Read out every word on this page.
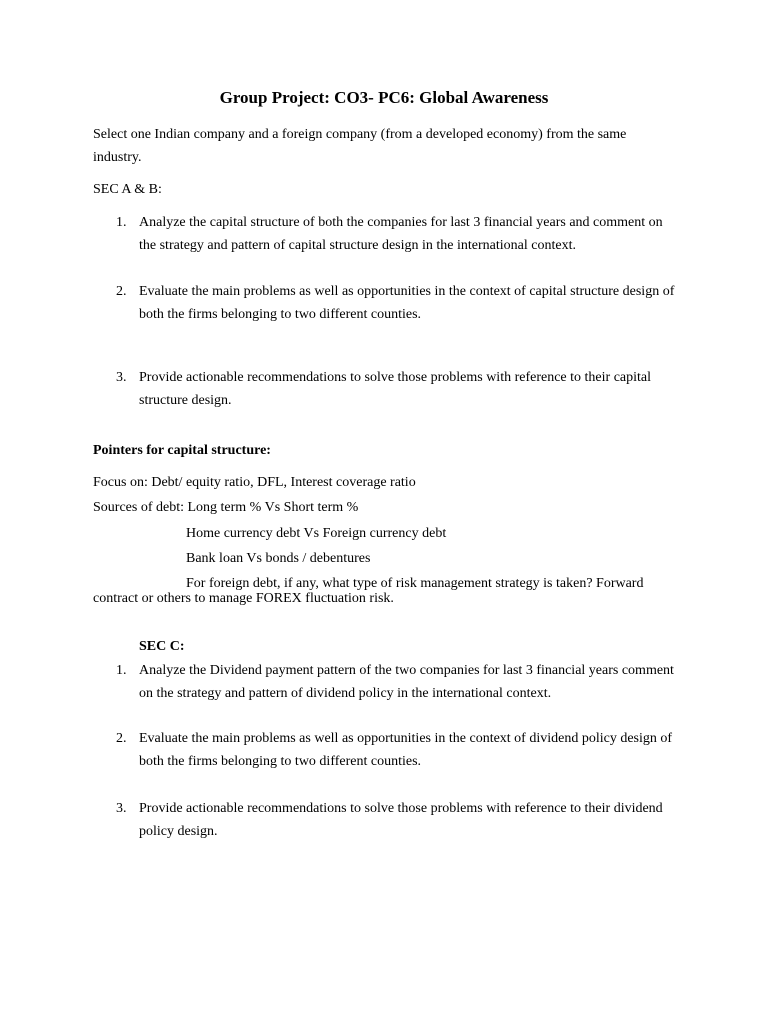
Group Project: CO3- PC6: Global Awareness
Select one Indian company and a foreign company (from a developed economy) from the same industry.
SEC A & B:
1. Analyze the capital structure of both the companies for last 3 financial years and comment on the strategy and pattern of capital structure design in the international context.
2. Evaluate the main problems as well as opportunities in the context of capital structure design of both the firms belonging to two different counties.
3. Provide actionable recommendations to solve those problems with reference to their capital structure design.
Pointers for capital structure:
Focus on: Debt/ equity ratio, DFL, Interest coverage ratio
Sources of debt: Long term % Vs Short term %
Home currency debt Vs Foreign currency debt
Bank loan Vs bonds / debentures
For foreign debt, if any, what type of risk management strategy is taken? Forward contract or others to manage FOREX fluctuation risk.
SEC C:
1. Analyze the Dividend payment pattern of the two companies for last 3 financial years comment on the strategy and pattern of dividend policy in the international context.
2. Evaluate the main problems as well as opportunities in the context of dividend policy design of both the firms belonging to two different counties.
3. Provide actionable recommendations to solve those problems with reference to their dividend policy design.
